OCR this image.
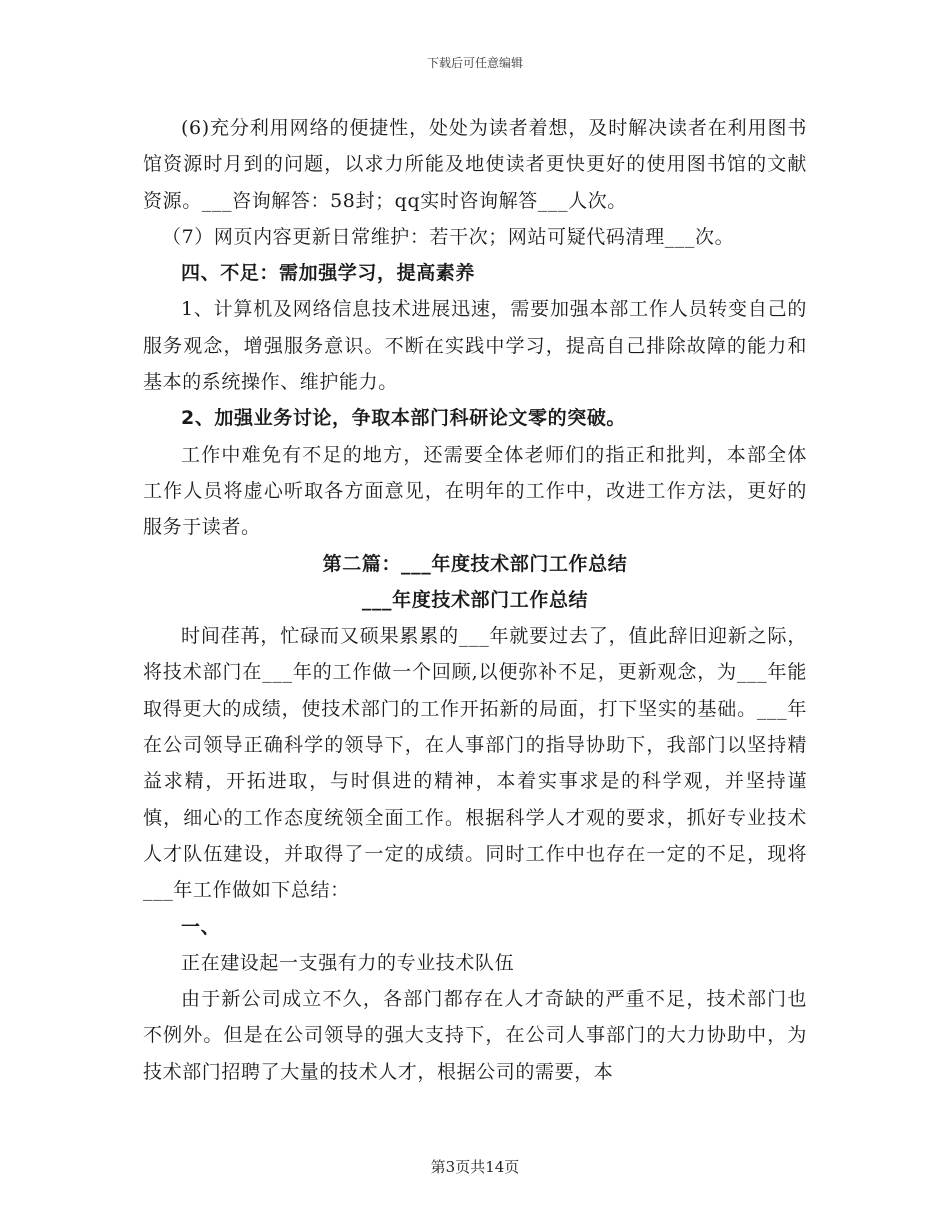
下载后可任意编辑

(6)充分利用网络的便捷性，处处为读者着想，及时解决读者在利用图书馆资源时月到的问题，以求力所能及地使读者更快更好的使用图书馆的文献资源。___咨询解答：58封；qq实时咨询解答___人次。

（7）网页内容更新日常维护：若干次；网站可疑代码清理___次。

四、不足：需加强学习，提高素养

1、计算机及网络信息技术进展迅速，需要加强本部工作人员转变自己的服务观念，增强服务意识。不断在实践中学习，提高自己排除故障的能力和基本的系统操作、维护能力。

2、加强业务讨论，争取本部门科研论文零的突破。

工作中难免有不足的地方，还需要全体老师们的指正和批判，本部全体工作人员将虚心听取各方面意见，在明年的工作中，改进工作方法，更好的服务于读者。

第二篇：___年度技术部门工作总结

___年度技术部门工作总结

时间荏苒，忙碌而又硕果累累的___年就要过去了，值此辞旧迎新之际，将技术部门在___年的工作做一个回顾,以便弥补不足，更新观念，为___年能取得更大的成绩，使技术部门的工作开拓新的局面，打下坚实的基础。___年在公司领导正确科学的领导下，在人事部门的指导协助下，我部门以坚持精益求精，开拓进取，与时俱进的精神，本着实事求是的科学观，并坚持谨慎，细心的工作态度统领全面工作。根据科学人才观的要求，抓好专业技术人才队伍建设，并取得了一定的成绩。同时工作中也存在一定的不足，现将___年工作做如下总结：

一、

正在建设起一支强有力的专业技术队伍

由于新公司成立不久，各部门都存在人才奇缺的严重不足，技术部门也不例外。但是在公司领导的强大支持下，在公司人事部门的大力协助中，为技术部门招聘了大量的技术人才，根据公司的需要，本

第3页共14页
